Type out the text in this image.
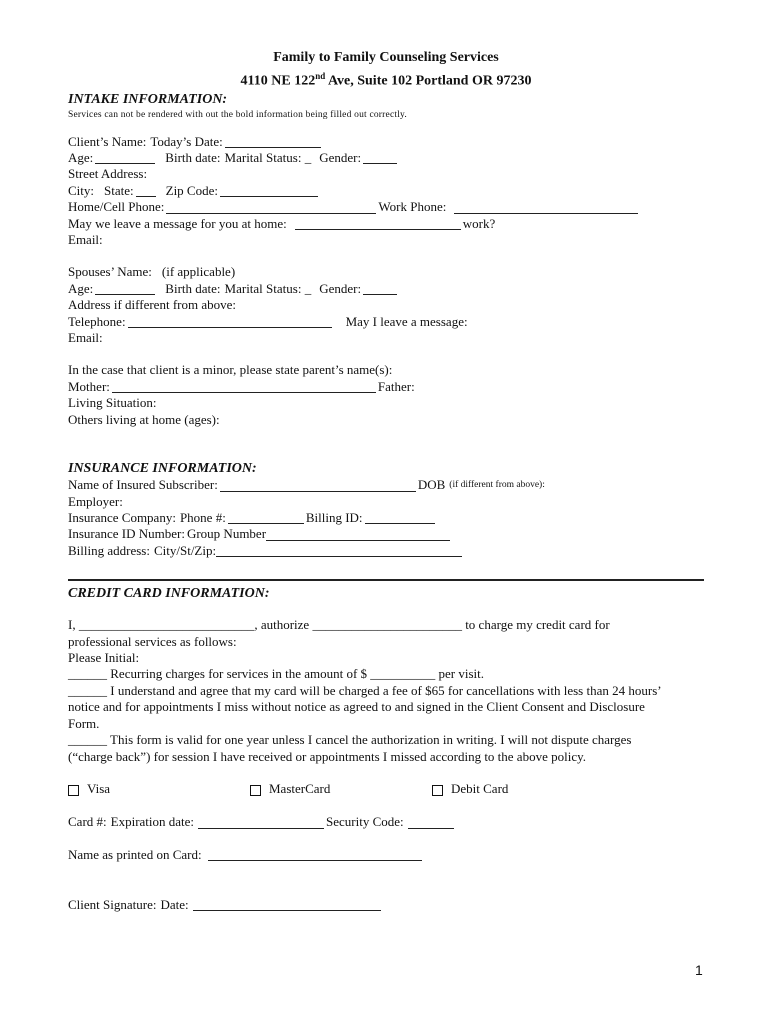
Family to Family Counseling Services
4110 NE 122nd Ave, Suite 102 Portland OR 97230
INTAKE INFORMATION:
Services can not be rendered with out the bold information being filled out correctly.
Client’s Name: Today’s Date:
Age:	Birth date: Marital Status: _ Gender:
Street Address:
City: State: Zip Code:
Home/Cell Phone:	Work Phone:
May we leave a message for you at home:	work?
Email:
Spouses’ Name: (if applicable)
Age:	Birth date: Marital Status: _ Gender:
Address if different from above:
Telephone:	May I leave a message:
Email:
In the case that client is a minor, please state parent’s name(s):
Mother:	Father:
Living Situation:
Others living at home (ages):
INSURANCE INFORMATION:
Name of Insured Subscriber:	DOB (if different from above):
Employer:
Insurance Company: Phone #:	Billing ID:
Insurance ID Number: Group Number
Billing address: City/St/Zip:
CREDIT CARD INFORMATION:
I, ___________________________, authorize _______________________ to charge my credit card for
professional services as follows:
Please Initial:
______ Recurring charges for services in the amount of $ __________ per visit.
______ I understand and agree that my card will be charged a fee of $65 for cancellations with less than 24 hours’
notice and for appointments I miss without notice as agreed to and signed in the Client Consent and Disclosure
Form.
______ This form is valid for one year unless I cancel the authorization in writing. I will not dispute charges
(“charge back”) for session I have received or appointments I missed according to the above policy.
Visa	MasterCard	Debit Card
Card #: Expiration date:	Security Code:
Name as printed on Card:
Client Signature: Date:
1
